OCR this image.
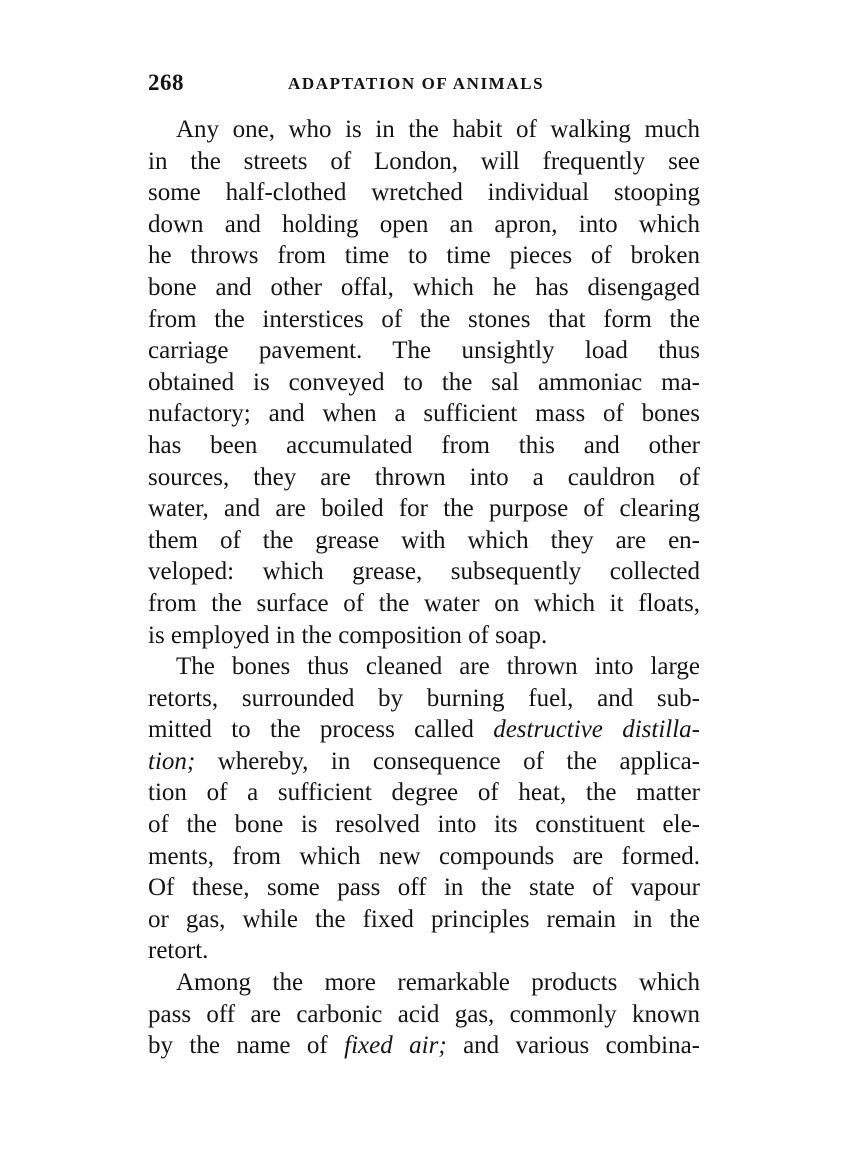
268	ADAPTATION OF ANIMALS
Any one, who is in the habit of walking much
in the streets of London, will frequently see
some half-clothed wretched individual stooping
down and holding open an apron, into which
he throws from time to time pieces of broken
bone and other offal, which he has disengaged
from the interstices of the stones that form the
carriage pavement. The unsightly load thus
obtained is conveyed to the sal ammoniac ma-
nufactory; and when a sufficient mass of bones
has been accumulated from this and other
sources, they are thrown into a cauldron of
water, and are boiled for the purpose of clearing
them of the grease with which they are en-
veloped: which grease, subsequently collected
from the surface of the water on which it floats,
is employed in the composition of soap.
The bones thus cleaned are thrown into large
retorts, surrounded by burning fuel, and sub-
mitted to the process called destructive distilla-
tion; whereby, in consequence of the applica-
tion of a sufficient degree of heat, the matter
of the bone is resolved into its constituent ele-
ments, from which new compounds are formed.
Of these, some pass off in the state of vapour
or gas, while the fixed principles remain in the
retort.
Among the more remarkable products which
pass off are carbonic acid gas, commonly known
by the name of fixed air; and various combina-
